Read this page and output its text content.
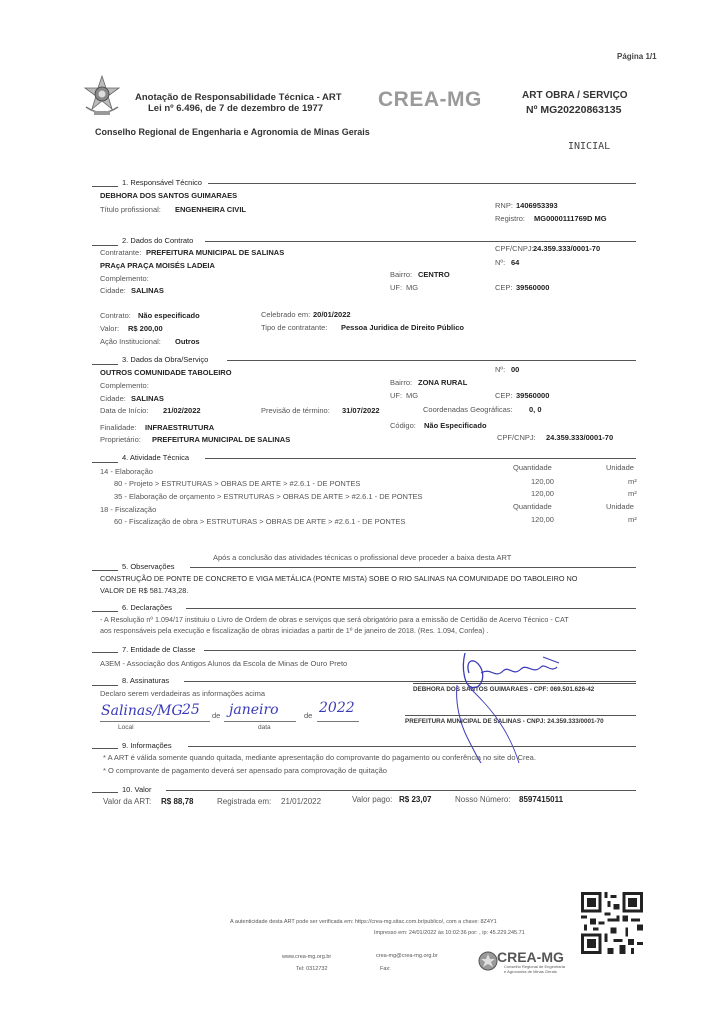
Página 1/1
Anotação de Responsabilidade Técnica - ART
Lei nº 6.496, de 7 de dezembro de 1977	CREA-MG	ART OBRA / SERVIÇO
Nº MG20220863135
Conselho Regional de Engenharia e Agronomia de Minas Gerais
INICIAL
1. Responsável Técnico
DEBHORA DOS SANTOS GUIMARAES
Título profissional: ENGENHEIRA CIVIL	RNP: 1406953393
Registro: MG0000111769D MG
2. Dados do Contrato
Contratante: PREFEITURA MUNICIPAL DE SALINAS	CPF/CNPJ: 24.359.333/0001-70
PRAçA PRAÇA MOISÉS LADEIA	Nº: 64
Complemento:	Bairro: CENTRO
Cidade: SALINAS	UF: MG	CEP: 39560000
Contrato: Não especificado	Celebrado em: 20/01/2022
Valor: R$ 200,00	Tipo de contratante: Pessoa Juridica de Direito Público
Ação Institucional: Outros
3. Dados da Obra/Serviço
OUTROS COMUNIDADE TABOLEIRO	Nº: 00
Complemento:	Bairro: ZONA RURAL
Cidade: SALINAS	UF: MG	CEP: 39560000
Data de Início: 21/02/2022	Previsão de término: 31/07/2022	Coordenadas Geográficas: 0, 0
Finalidade: INFRAESTRUTURA	Código: Não Especificado
Proprietário: PREFEITURA MUNICIPAL DE SALINAS	CPF/CNPJ: 24.359.333/0001-70
4. Atividade Técnica
Quantidade	Unidade
14 - Elaboração
80 - Projeto > ESTRUTURAS > OBRAS DE ARTE > #2.6.1 - DE PONTES	120,00	m²
35 - Elaboração de orçamento > ESTRUTURAS > OBRAS DE ARTE > #2.6.1 - DE PONTES	120,00	m²
18 - Fiscalização	Quantidade	Unidade
60 - Fiscalização de obra > ESTRUTURAS > OBRAS DE ARTE > #2.6.1 - DE PONTES	120,00	m²
Após a conclusão das atividades técnicas o profissional deve proceder a baixa desta ART
5. Observações
CONSTRUÇÃO DE PONTE DE CONCRETO E VIGA METÁLICA (PONTE MISTA) SOBE O RIO SALINAS NA COMUNIDADE DO TABOLEIRO NO
VALOR DE R$ 581.743,28.
6. Declarações
- A Resolução nº 1.094/17 instituiu o Livro de Ordem de obras e serviços que será obrigatório para a emissão de Certidão de Acervo Técnico - CAT
aos responsáveis pela execução e fiscalização de obras iniciadas a partir de 1º de janeiro de 2018. (Res. 1.094, Confea) .
7. Entidade de Classe
A3EM - Associação dos Antigos Alunos da Escola de Minas de Ouro Preto
8. Assinaturas
Declaro serem verdadeiras as informações acima	DEBHORA DOS SANTOS GUIMARAES - CPF: 069.501.626-42
PREFEITURA MUNICIPAL DE SALINAS - CNPJ: 24.359.333/0001-70
Salinas/MG 25 de janeiro	de 2022
Local	data
9. Informações
* A ART é válida somente quando quitada, mediante apresentação do comprovante do pagamento ou conferência no site do Crea.
* O comprovante de pagamento deverá ser apensado para comprovação de quitação
10. Valor
Valor da ART: R$ 88,78	Registrada em: 21/01/2022	Valor pago: R$ 23,07	Nosso Número: 8597415011
A autenticidade desta ART pode ser verificada em: https://crea-mg.sitac.com.br/publico/, com a chave: 8Z4Y1
Impresso em: 24/01/2022 às 10:02:36 por: , ip: 45.229.245.71
www.crea-mg.org.br	crea-mg@crea-mg.org.br
Tel: 0312732	Fax:
CREA-MG
Conselho Regional de Engenharia
e Agronomia de Minas Gerais
